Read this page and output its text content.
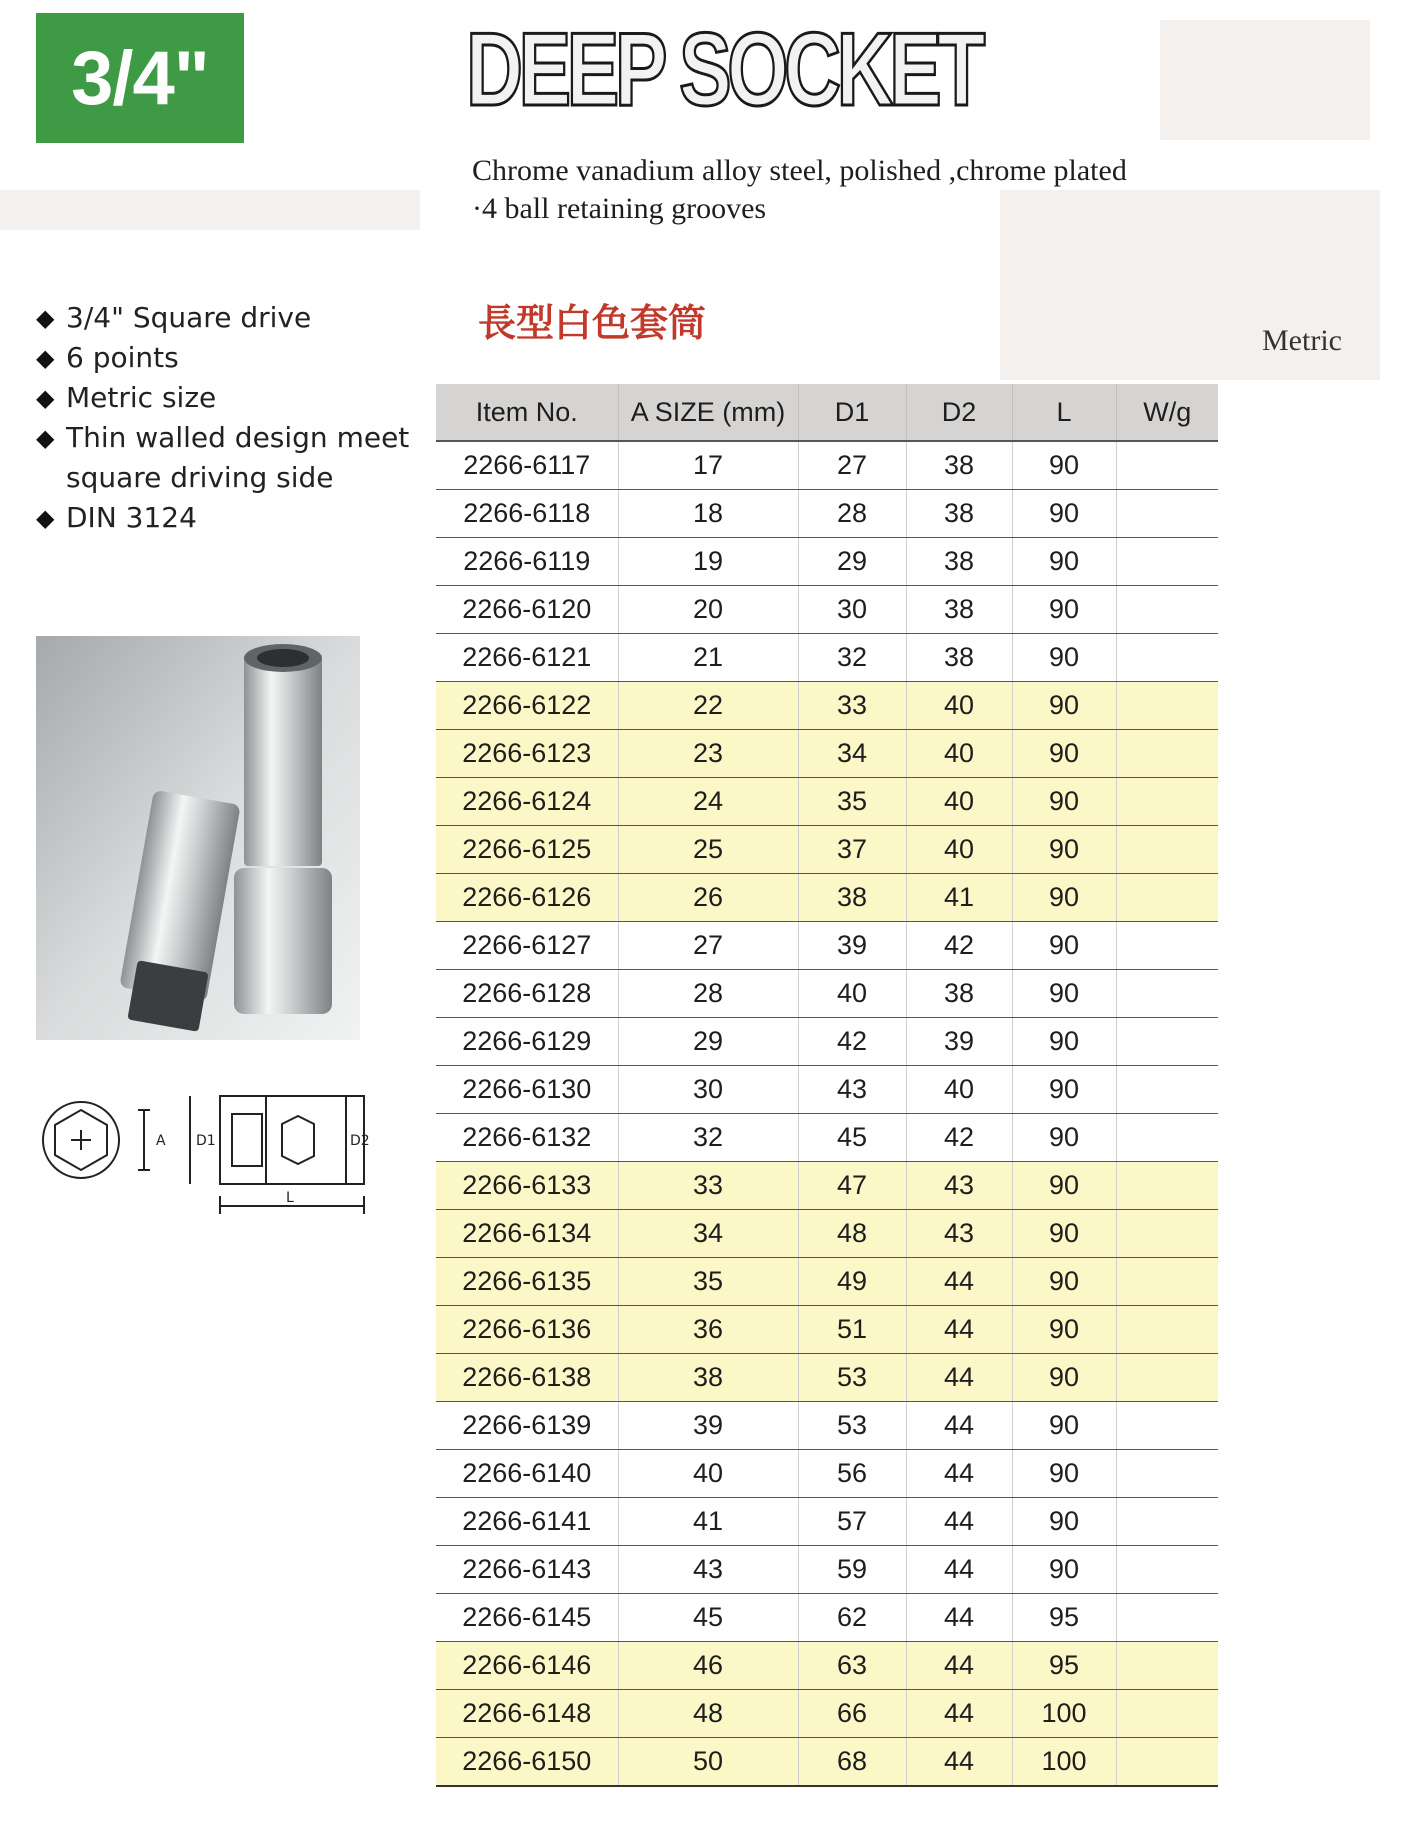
3/4"	DEEP SOCKET
Chrome vanadium alloy steel, polished ,chrome plated
·4 ball retaining grooves
長型白色套筒	Metric
◆ 3/4" Square drive
◆ 6 points
◆ Metric size
◆ Thin walled design meet
square driving side
◆ DIN 3124
A D1	D2
L
Item No.	A SIZE (mm)	D1	D2	L	W/g
2266-6117	17	27	38	90	
2266-6118	18	28	38	90	
2266-6119	19	29	38	90	
2266-6120	20	30	38	90	
2266-6121	21	32	38	90	
2266-6122	22	33	40	90	
2266-6123	23	34	40	90	
2266-6124	24	35	40	90	
2266-6125	25	37	40	90	
2266-6126	26	38	41	90	
2266-6127	27	39	42	90	
2266-6128	28	40	38	90	
2266-6129	29	42	39	90	
2266-6130	30	43	40	90	
2266-6132	32	45	42	90	
2266-6133	33	47	43	90	
2266-6134	34	48	43	90	
2266-6135	35	49	44	90	
2266-6136	36	51	44	90	
2266-6138	38	53	44	90	
2266-6139	39	53	44	90	
2266-6140	40	56	44	90	
2266-6141	41	57	44	90	
2266-6143	43	59	44	90	
2266-6145	45	62	44	95	
2266-6146	46	63	44	95	
2266-6148	48	66	44	100	
2266-6150	50	68	44	100	
